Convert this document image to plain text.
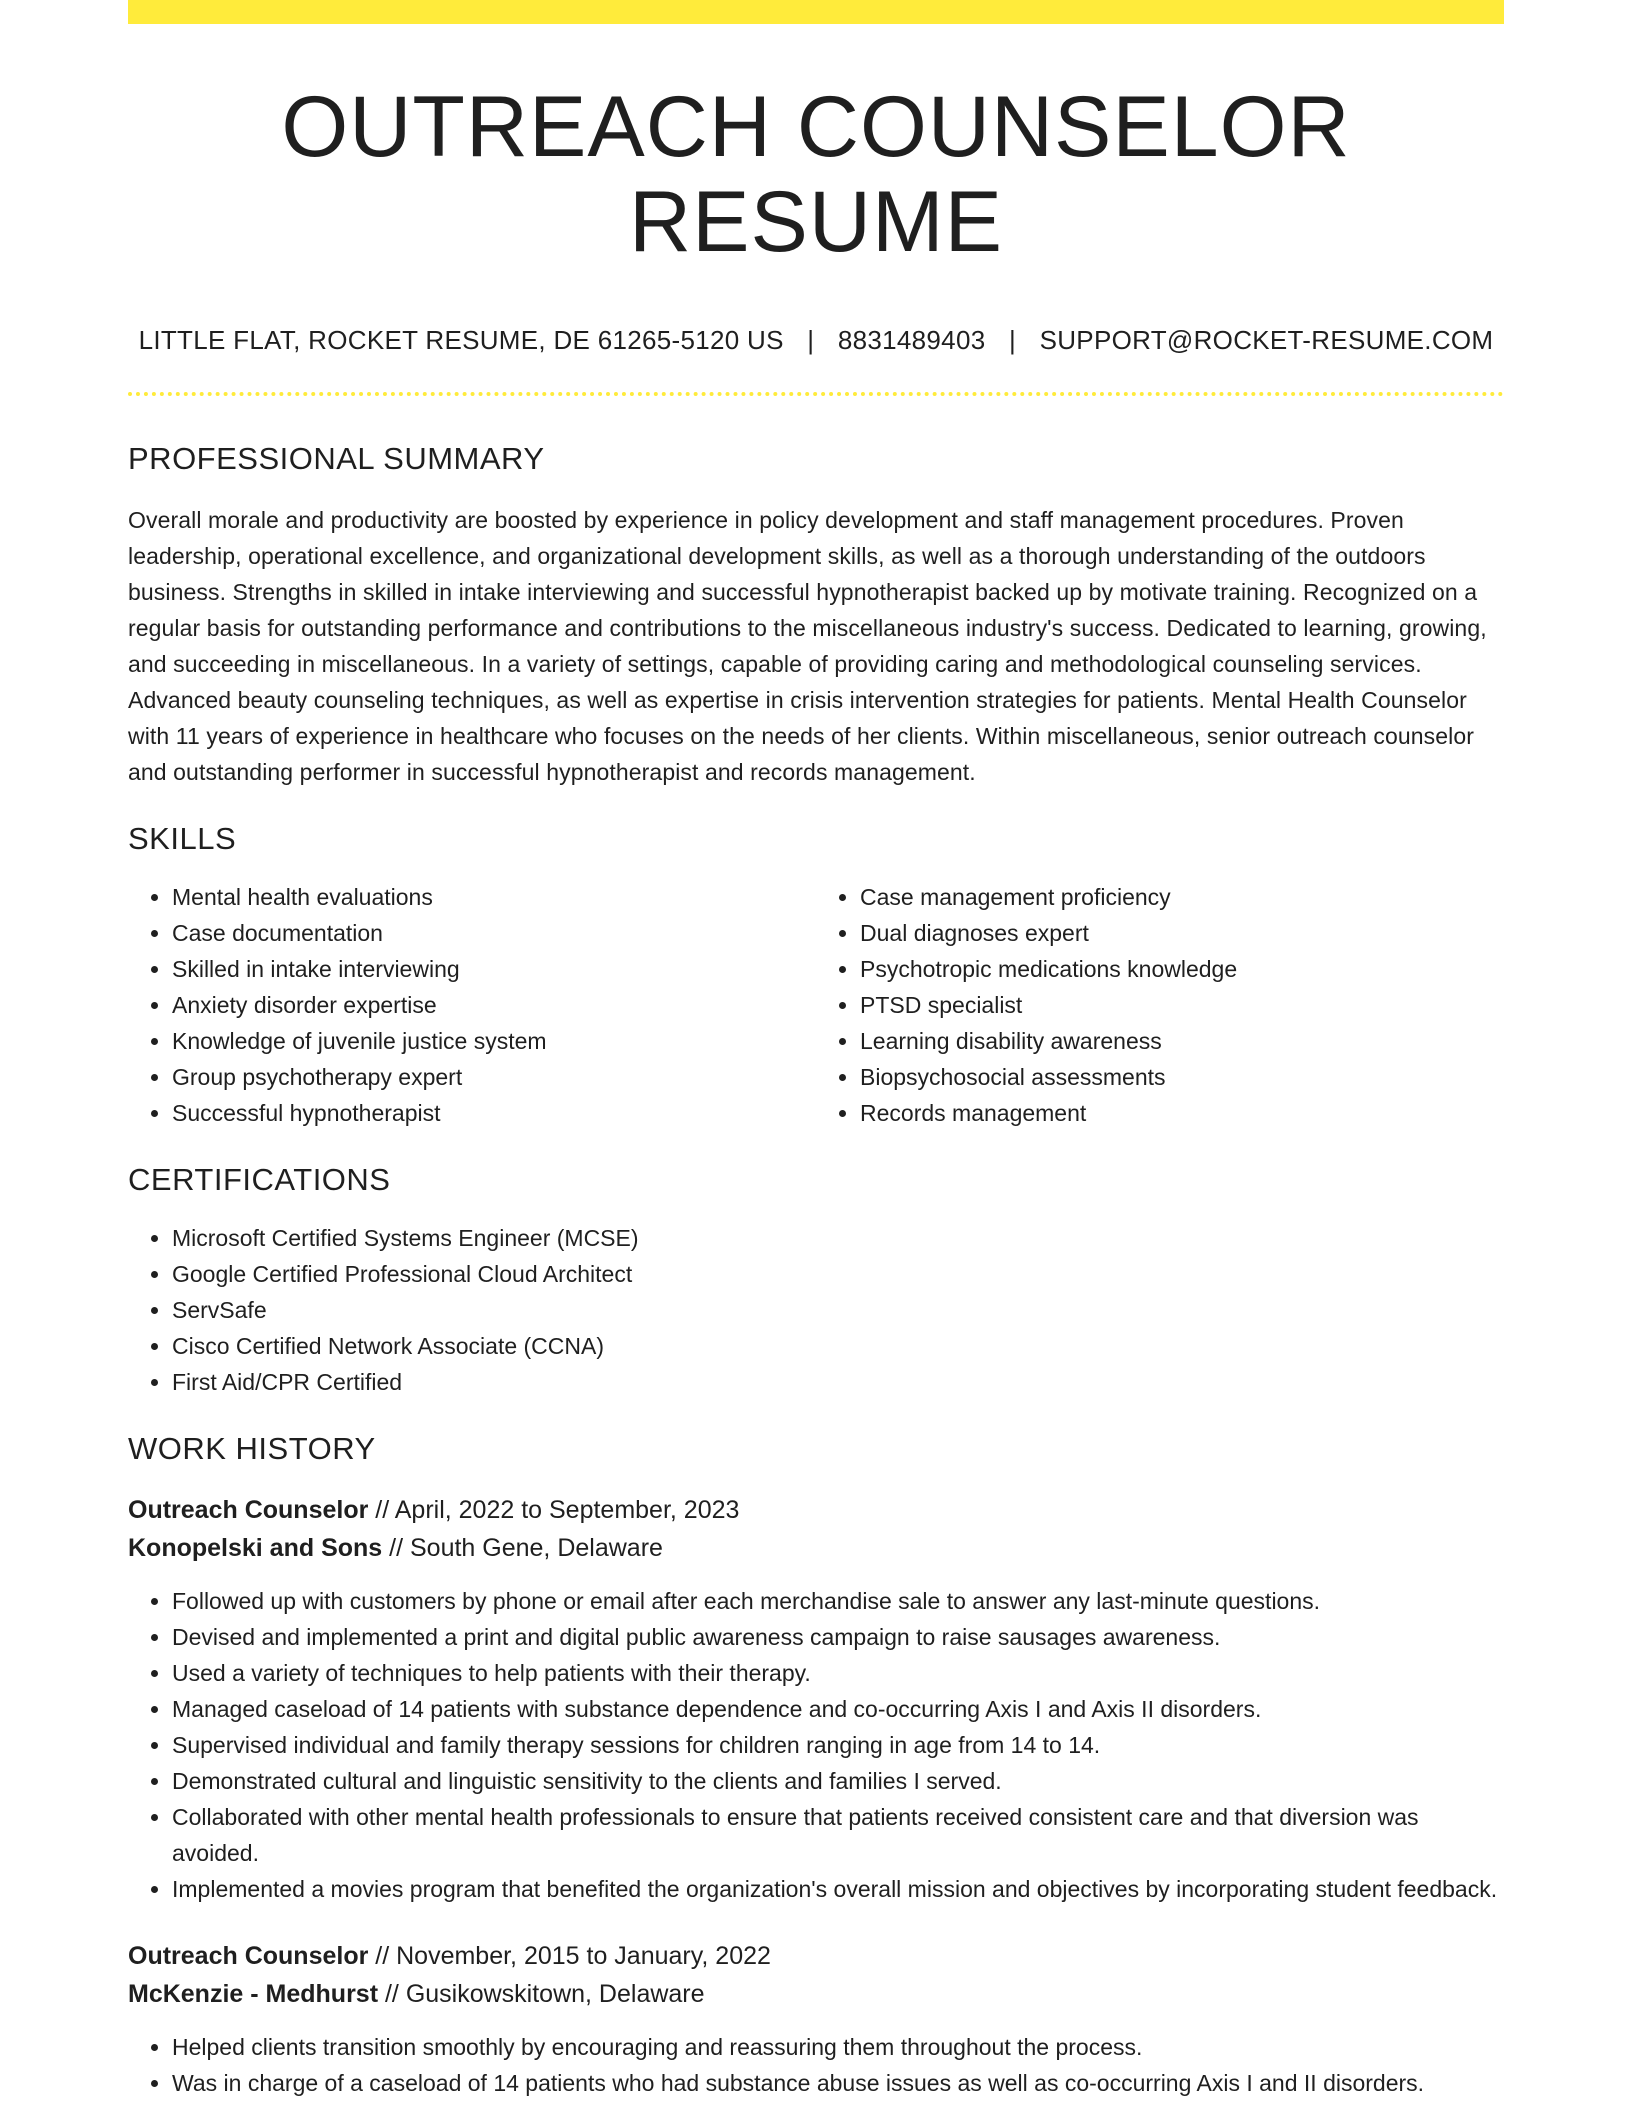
OUTREACH COUNSELOR RESUME
LITTLE FLAT, ROCKET RESUME, DE 61265-5120 US | 8831489403 | SUPPORT@ROCKET-RESUME.COM
PROFESSIONAL SUMMARY

Overall morale and productivity are boosted by experience in policy development and staff management procedures. Proven leadership, operational excellence, and organizational development skills, as well as a thorough understanding of the outdoors business. Strengths in skilled in intake interviewing and successful hypnotherapist backed up by motivate training. Recognized on a regular basis for outstanding performance and contributions to the miscellaneous industry's success. Dedicated to learning, growing, and succeeding in miscellaneous. In a variety of settings, capable of providing caring and methodological counseling services. Advanced beauty counseling techniques, as well as expertise in crisis intervention strategies for patients. Mental Health Counselor with 11 years of experience in healthcare who focuses on the needs of her clients. Within miscellaneous, senior outreach counselor and outstanding performer in successful hypnotherapist and records management.

SKILLS
• Mental health evaluations
• Case documentation
• Skilled in intake interviewing
• Anxiety disorder expertise
• Knowledge of juvenile justice system
• Group psychotherapy expert
• Successful hypnotherapist
• Case management proficiency
• Dual diagnoses expert
• Psychotropic medications knowledge
• PTSD specialist
• Learning disability awareness
• Biopsychosocial assessments
• Records management
CERTIFICATIONS
• Microsoft Certified Systems Engineer (MCSE)
• Google Certified Professional Cloud Architect
• ServSafe
• Cisco Certified Network Associate (CCNA)
• First Aid/CPR Certified
WORK HISTORY
Outreach Counselor // April, 2022 to September, 2023
Konopelski and Sons // South Gene, Delaware
• Followed up with customers by phone or email after each merchandise sale to answer any last-minute questions.
• Devised and implemented a print and digital public awareness campaign to raise sausages awareness.
• Used a variety of techniques to help patients with their therapy.
• Managed caseload of 14 patients with substance dependence and co-occurring Axis I and Axis II disorders.
• Supervised individual and family therapy sessions for children ranging in age from 14 to 14.
• Demonstrated cultural and linguistic sensitivity to the clients and families I served.
• Collaborated with other mental health professionals to ensure that patients received consistent care and that diversion was avoided.
• Implemented a movies program that benefited the organization's overall mission and objectives by incorporating student feedback.
Outreach Counselor // November, 2015 to January, 2022
McKenzie - Medhurst // Gusikowskitown, Delaware
• Helped clients transition smoothly by encouraging and reassuring them throughout the process.
• Was in charge of a caseload of 14 patients who had substance abuse issues as well as co-occurring Axis I and II disorders.
